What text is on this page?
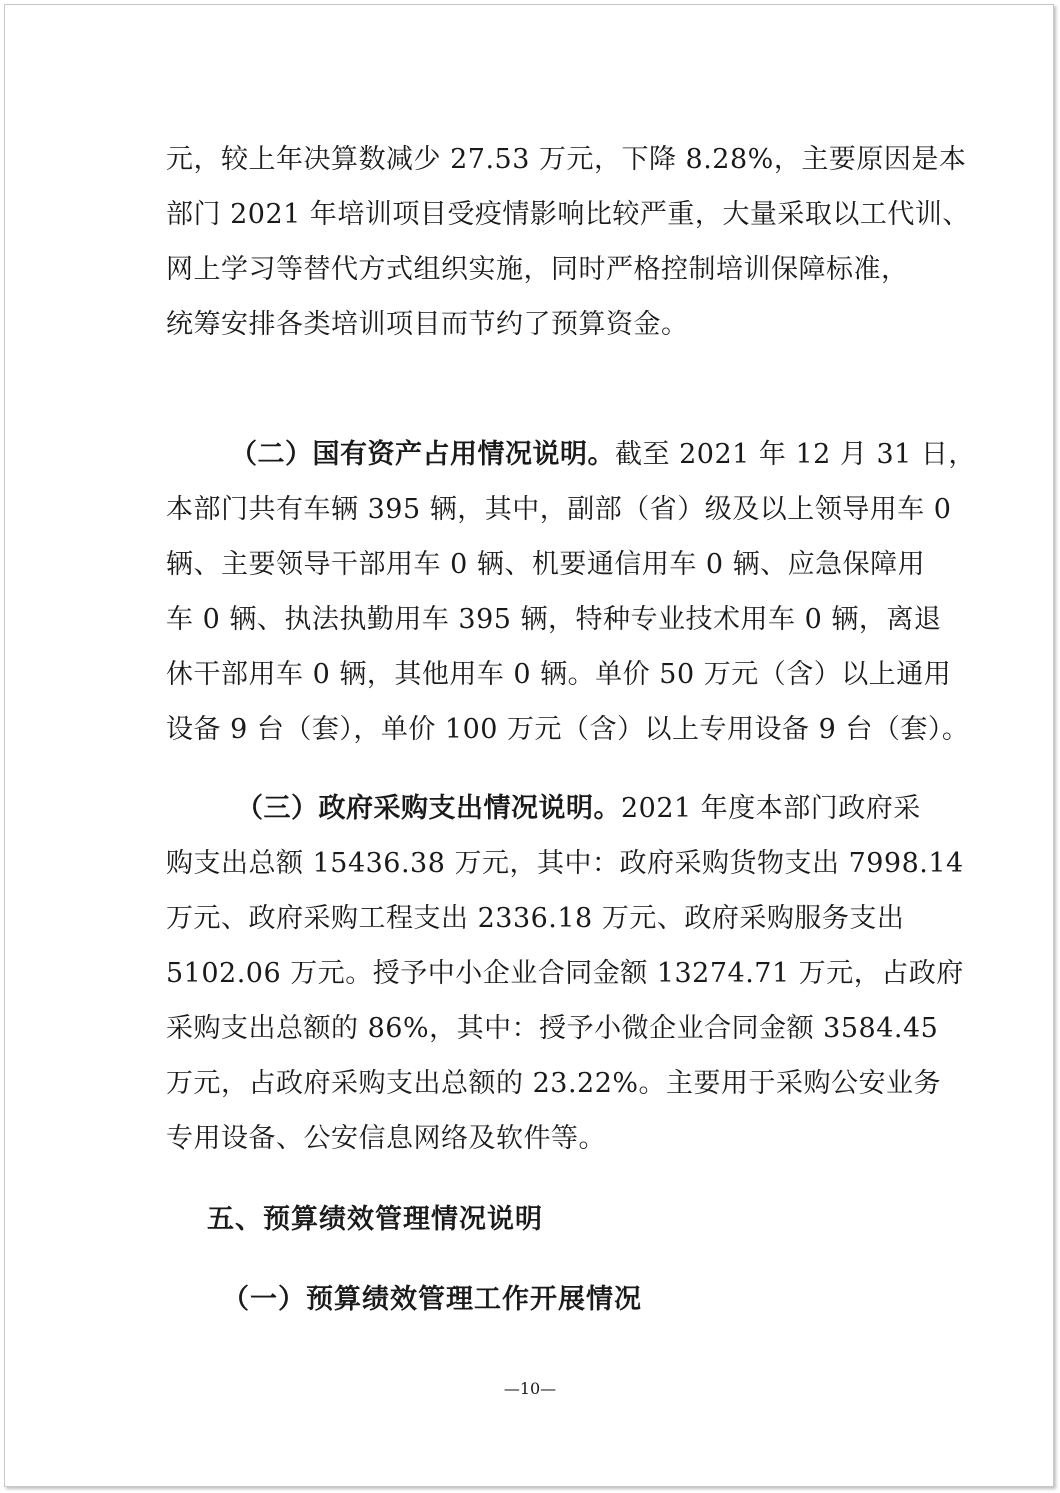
元，较上年决算数减少 27.53 万元，下降 8.28%，主要原因是本
部门 2021 年培训项目受疫情影响比较严重，大量采取以工代训、
网上学习等替代方式组织实施，同时严格控制培训保障标准，
统筹安排各类培训项目而节约了预算资金。
（二）国有资产占用情况说明。截至 2021 年 12 月 31 日，
本部门共有车辆 395 辆，其中，副部（省）级及以上领导用车 0
辆、主要领导干部用车 0 辆、机要通信用车 0 辆、应急保障用
车 0 辆、执法执勤用车 395 辆，特种专业技术用车 0 辆，离退
休干部用车 0 辆，其他用车 0 辆。单价 50 万元（含）以上通用
设备 9 台（套），单价 100 万元（含）以上专用设备 9 台（套）。
（三）政府采购支出情况说明。2021 年度本部门政府采
购支出总额 15436.38 万元，其中：政府采购货物支出 7998.14
万元、政府采购工程支出 2336.18 万元、政府采购服务支出
5102.06 万元。授予中小企业合同金额 13274.71 万元，占政府
采购支出总额的 86%，其中：授予小微企业合同金额 3584.45
万元，占政府采购支出总额的 23.22%。主要用于采购公安业务
专用设备、公安信息网络及软件等。
五、预算绩效管理情况说明
（一）预算绩效管理工作开展情况
—10—
